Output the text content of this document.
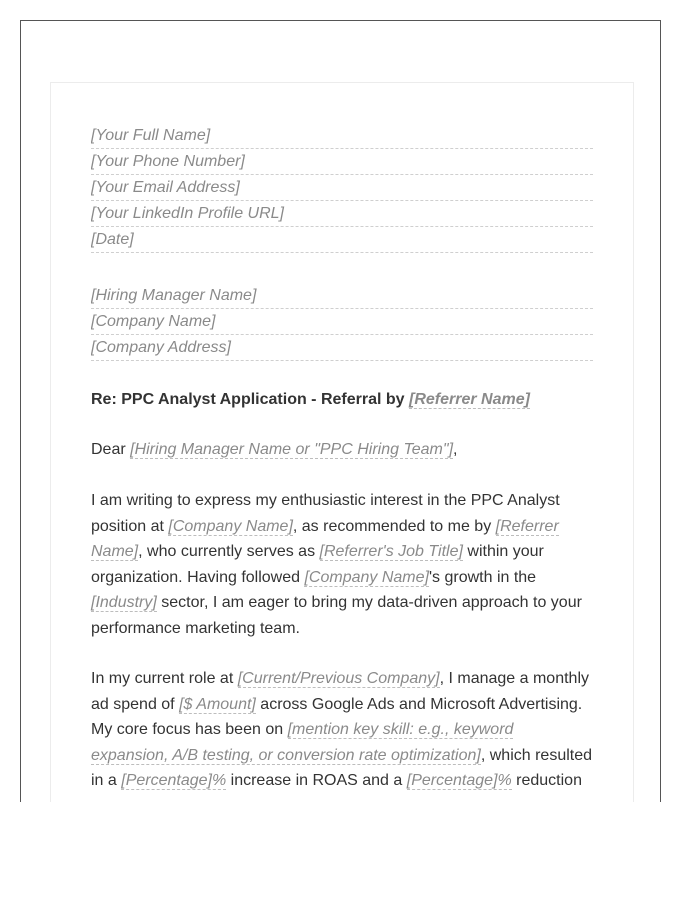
[Your Full Name]
[Your Phone Number]
[Your Email Address]
[Your LinkedIn Profile URL]
[Date]
[Hiring Manager Name]
[Company Name]
[Company Address]
Re: PPC Analyst Application - Referral by [Referrer Name]
Dear [Hiring Manager Name or "PPC Hiring Team"],
I am writing to express my enthusiastic interest in the PPC Analyst position at [Company Name], as recommended to me by [Referrer Name], who currently serves as [Referrer's Job Title] within your organization. Having followed [Company Name]'s growth in the [Industry] sector, I am eager to bring my data-driven approach to your performance marketing team.
In my current role at [Current/Previous Company], I manage a monthly ad spend of [$ Amount] across Google Ads and Microsoft Advertising. My core focus has been on [mention key skill: e.g., keyword expansion, A/B testing, or conversion rate optimization], which resulted in a [Percentage]% increase in ROAS and a [Percentage]% reduction
